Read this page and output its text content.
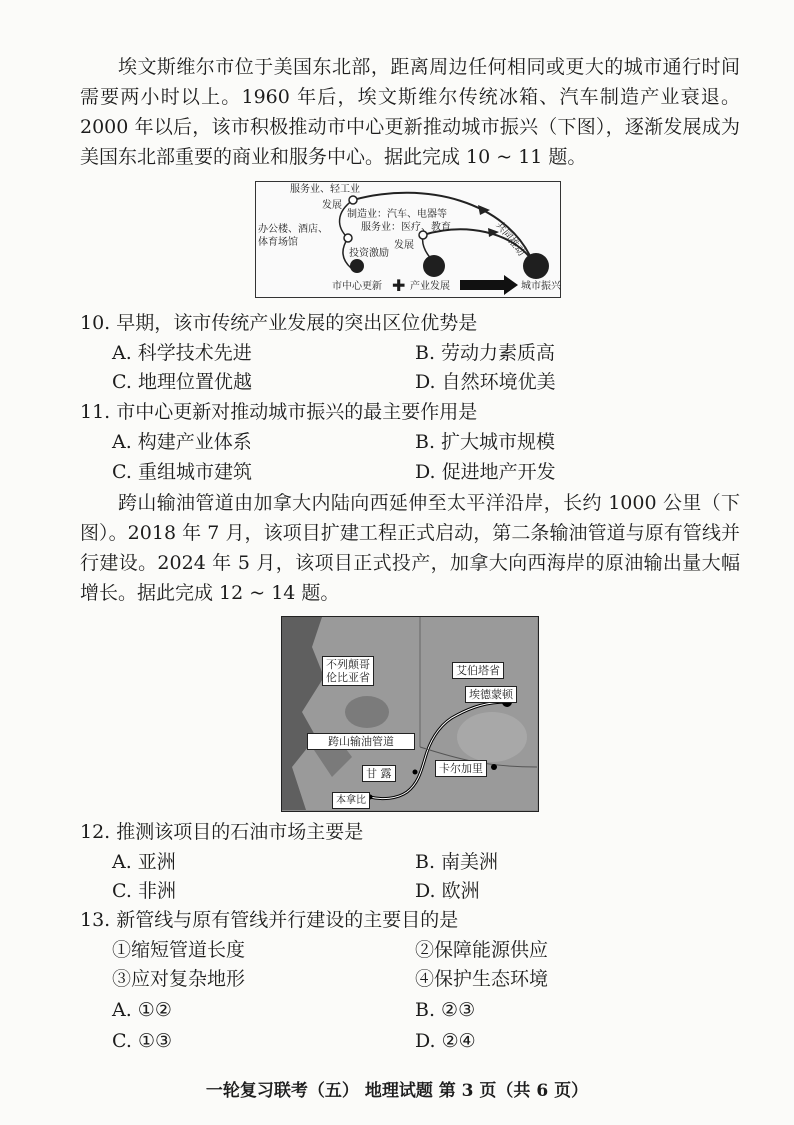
埃文斯维尔市位于美国东北部，距离周边任何相同或更大的城市通行时间需要两小时以上。1960 年后，埃文斯维尔传统冰箱、汽车制造产业衰退。2000 年以后，该市积极推动市中心更新推动城市振兴（下图），逐渐发展成为美国东北部重要的商业和服务中心。据此完成 10 ~ 11 题。

服务业、轻工业
发展
制造业：汽车、电器等
服务业：医疗、教育
发展
办公楼、酒店、
体育场馆
投资激励	共同推动
市中心更新 ✚ 产业发展	城市振兴
10. 早期，该市传统产业发展的突出区位优势是
A. 科学技术先进	B. 劳动力素质高
C. 地理位置优越	D. 自然环境优美
11. 市中心更新对推动城市振兴的最主要作用是
A. 构建产业体系	B. 扩大城市规模
C. 重组城市建筑	D. 促进地产开发

跨山输油管道由加拿大内陆向西延伸至太平洋沿岸，长约 1000 公里（下图）。2018 年 7 月，该项目扩建工程正式启动，第二条输油管道与原有管线并行建设。2024 年 5 月，该项目正式投产，加拿大向西海岸的原油输出量大幅增长。据此完成 12 ~ 14 题。

不列颠哥
伦比亚省
艾伯塔省
埃德蒙顿
跨山输油管道
甘 露	卡尔加里
本拿比
12. 推测该项目的石油市场主要是
A. 亚洲	B. 南美洲
C. 非洲	D. 欧洲
13. 新管线与原有管线并行建设的主要目的是
①缩短管道长度	②保障能源供应
③应对复杂地形	④保护生态环境
A. ①②	B. ②③
C. ①③	D. ②④
一轮复习联考（五） 地理试题 第 3 页（共 6 页）
